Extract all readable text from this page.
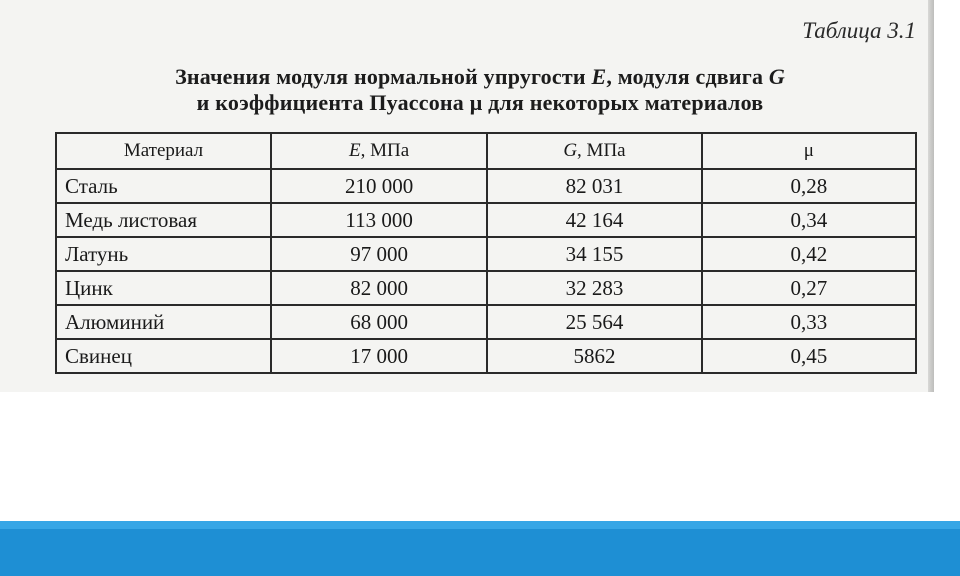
Таблица 3.1
Значения модуля нормальной упругости E, модуля сдвига G
и коэффициента Пуассона μ для некоторых материалов
Материал	E, МПа	G, МПа	μ
Сталь	210 000	82 031	0,28
Медь листовая	113 000	42 164	0,34
Латунь	97 000	34 155	0,42
Цинк	82 000	32 283	0,27
Алюминий	68 000	25 564	0,33
Свинец	17 000	5862	0,45
